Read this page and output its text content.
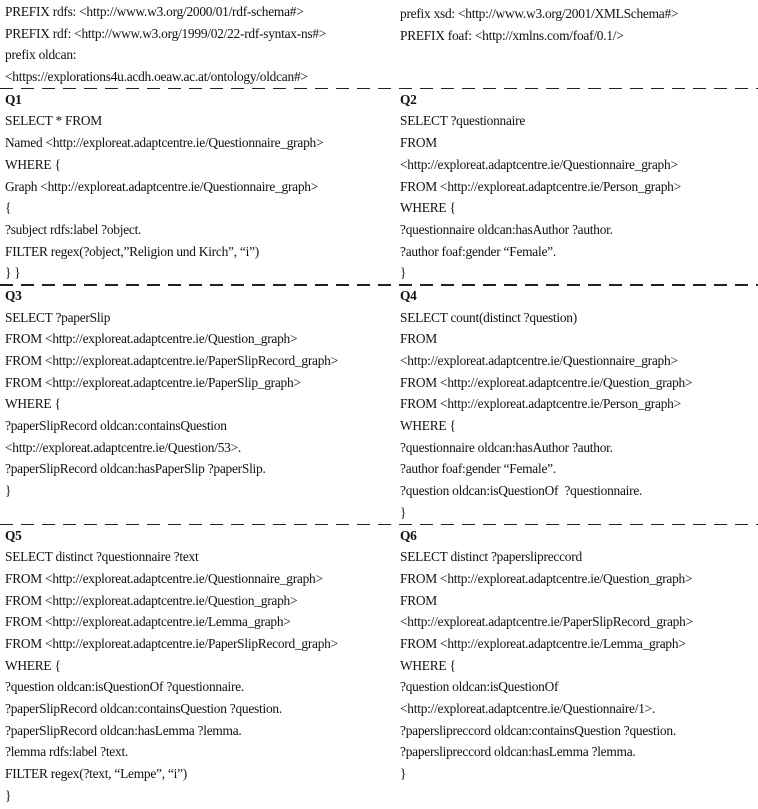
PREFIX rdfs: <http://www.w3.org/2000/01/rdf-schema#>
PREFIX rdf: <http://www.w3.org/1999/02/22-rdf-syntax-ns#>
prefix oldcan:
<https://explorations4u.acdh.oeaw.ac.at/ontology/oldcan#>
prefix xsd: <http://www.w3.org/2001/XMLSchema#>
PREFIX foaf: <http://xmlns.com/foaf/0.1/>
Q1
SELECT * FROM
Named <http://exploreat.adaptcentre.ie/Questionnaire_graph>
WHERE {
Graph <http://exploreat.adaptcentre.ie/Questionnaire_graph>
{
?subject rdfs:label ?object.
FILTER regex(?object,”Religion und Kirch”, “i”)
} }
Q2
SELECT ?questionnaire
FROM
<http://exploreat.adaptcentre.ie/Questionnaire_graph>
FROM <http://exploreat.adaptcentre.ie/Person_graph>
WHERE {
?questionnaire oldcan:hasAuthor ?author.
?author foaf:gender “Female”.
}
Q3
SELECT ?paperSlip
FROM <http://exploreat.adaptcentre.ie/Question_graph>
FROM <http://exploreat.adaptcentre.ie/PaperSlipRecord_graph>
FROM <http://exploreat.adaptcentre.ie/PaperSlip_graph>
WHERE {
?paperSlipRecord oldcan:containsQuestion
<http://exploreat.adaptcentre.ie/Question/53>.
?paperSlipRecord oldcan:hasPaperSlip ?paperSlip.
}
Q4
SELECT count(distinct ?question)
FROM
<http://exploreat.adaptcentre.ie/Questionnaire_graph>
FROM <http://exploreat.adaptcentre.ie/Question_graph>
FROM <http://exploreat.adaptcentre.ie/Person_graph>
WHERE {
?questionnaire oldcan:hasAuthor ?author.
?author foaf:gender “Female”.
?question oldcan:isQuestionOf  ?questionnaire.
}
Q5
SELECT distinct ?questionnaire ?text
FROM <http://exploreat.adaptcentre.ie/Questionnaire_graph>
FROM <http://exploreat.adaptcentre.ie/Question_graph>
FROM <http://exploreat.adaptcentre.ie/Lemma_graph>
FROM <http://exploreat.adaptcentre.ie/PaperSlipRecord_graph>
WHERE {
?question oldcan:isQuestionOf ?questionnaire.
?paperSlipRecord oldcan:containsQuestion ?question.
?paperSlipRecord oldcan:hasLemma ?lemma.
?lemma rdfs:label ?text.
FILTER regex(?text, “Lempe”, “i”)
}
Q6
SELECT distinct ?paperslipreccord
FROM <http://exploreat.adaptcentre.ie/Question_graph>
FROM
<http://exploreat.adaptcentre.ie/PaperSlipRecord_graph>
FROM <http://exploreat.adaptcentre.ie/Lemma_graph>
WHERE {
?question oldcan:isQuestionOf
<http://exploreat.adaptcentre.ie/Questionnaire/1>.
?paperslipreccord oldcan:containsQuestion ?question.
?paperslipreccord oldcan:hasLemma ?lemma.
}
